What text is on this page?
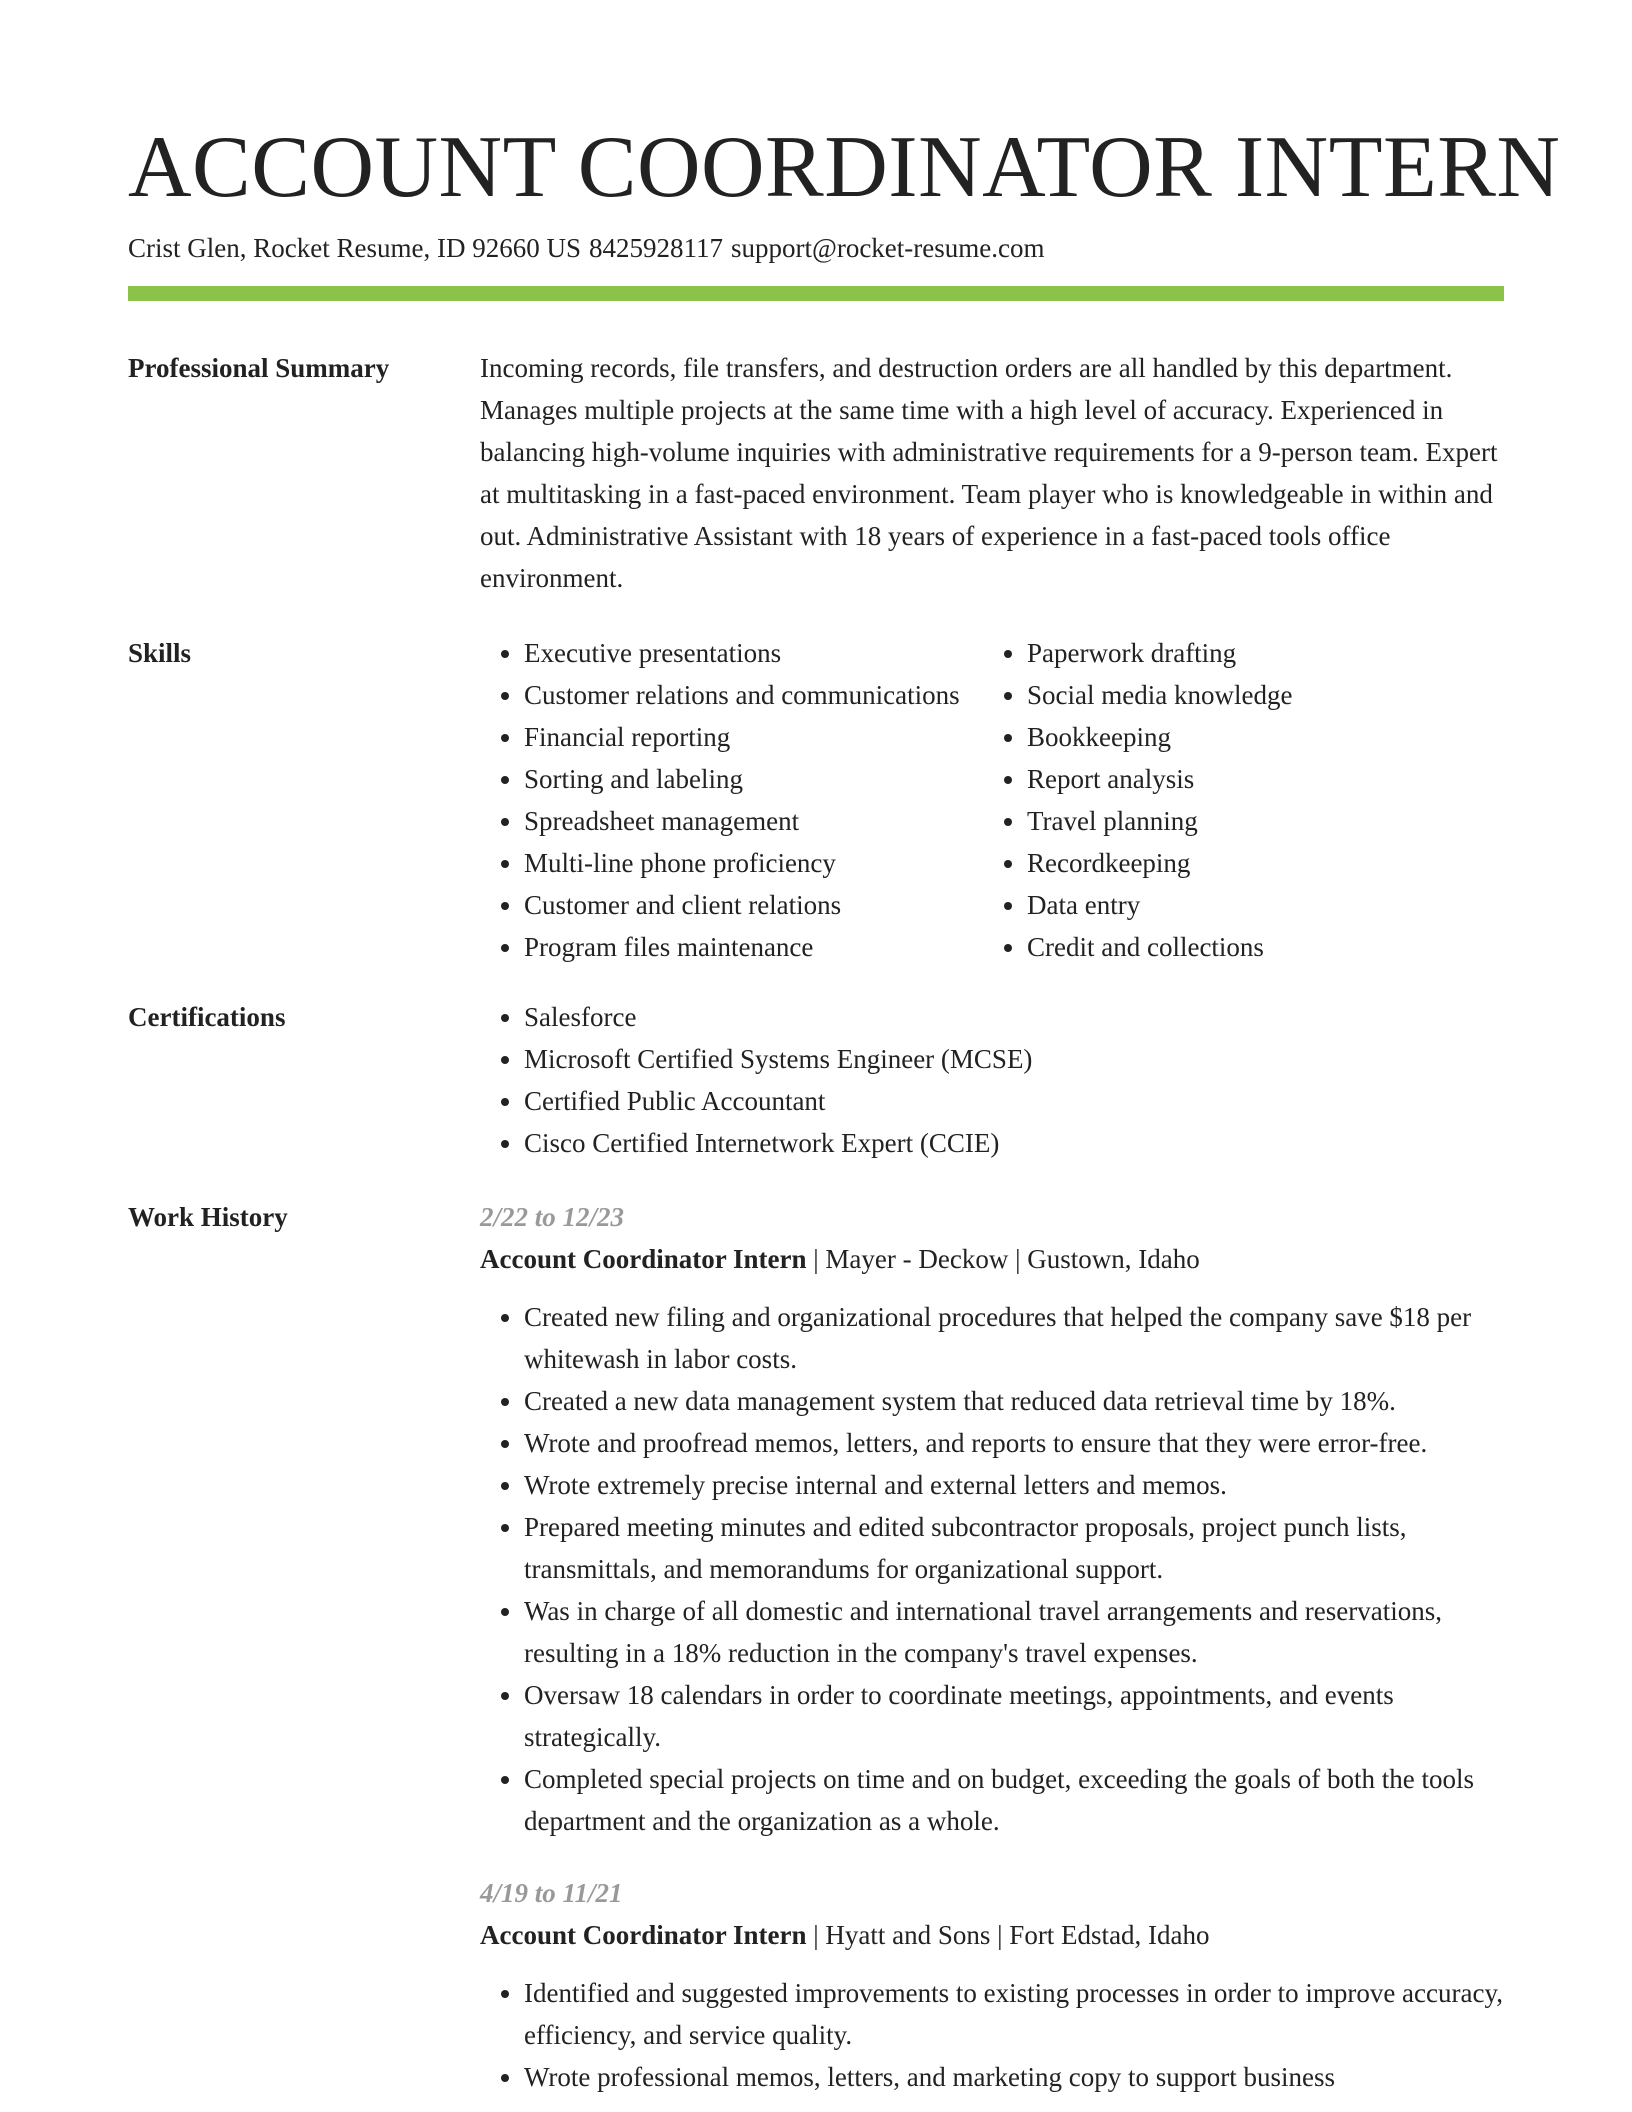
ACCOUNT COORDINATOR INTERN
Crist Glen, Rocket Resume, ID 92660 US 8425928117 support@rocket-resume.com
Professional Summary	Incoming records, file transfers, and destruction orders are all handled by this department. Manages multiple projects at the same time with a high level of accuracy. Experienced in balancing high-volume inquiries with administrative requirements for a 9-person team. Expert at multitasking in a fast-paced environment. Team player who is knowledgeable in within and out. Administrative Assistant with 18 years of experience in a fast-paced tools office environment.

Skills	• Executive presentations
• Customer relations and communications
• Financial reporting
• Sorting and labeling
• Spreadsheet management
• Multi-line phone proficiency
• Customer and client relations
• Program files maintenance
• Paperwork drafting
• Social media knowledge
• Bookkeeping
• Report analysis
• Travel planning
• Recordkeeping
• Data entry
• Credit and collections
Certifications	• Salesforce
• Microsoft Certified Systems Engineer (MCSE)
• Certified Public Accountant
• Cisco Certified Internetwork Expert (CCIE)
Work History	2/22 to 12/23

Account Coordinator Intern | Mayer - Deckow | Gustown, Idaho

• Created new filing and organizational procedures that helped the company save $18 per whitewash in labor costs.
• Created a new data management system that reduced data retrieval time by 18%.
• Wrote and proofread memos, letters, and reports to ensure that they were error-free.
• Wrote extremely precise internal and external letters and memos.
• Prepared meeting minutes and edited subcontractor proposals, project punch lists, transmittals, and memorandums for organizational support.
• Was in charge of all domestic and international travel arrangements and reservations, resulting in a 18% reduction in the company's travel expenses.
• Oversaw 18 calendars in order to coordinate meetings, appointments, and events strategically.
• Completed special projects on time and on budget, exceeding the goals of both the tools department and the organization as a whole.

4/19 to 11/21

Account Coordinator Intern | Hyatt and Sons | Fort Edstad, Idaho

• Identified and suggested improvements to existing processes in order to improve accuracy, efficiency, and service quality.
• Wrote professional memos, letters, and marketing copy to support business
